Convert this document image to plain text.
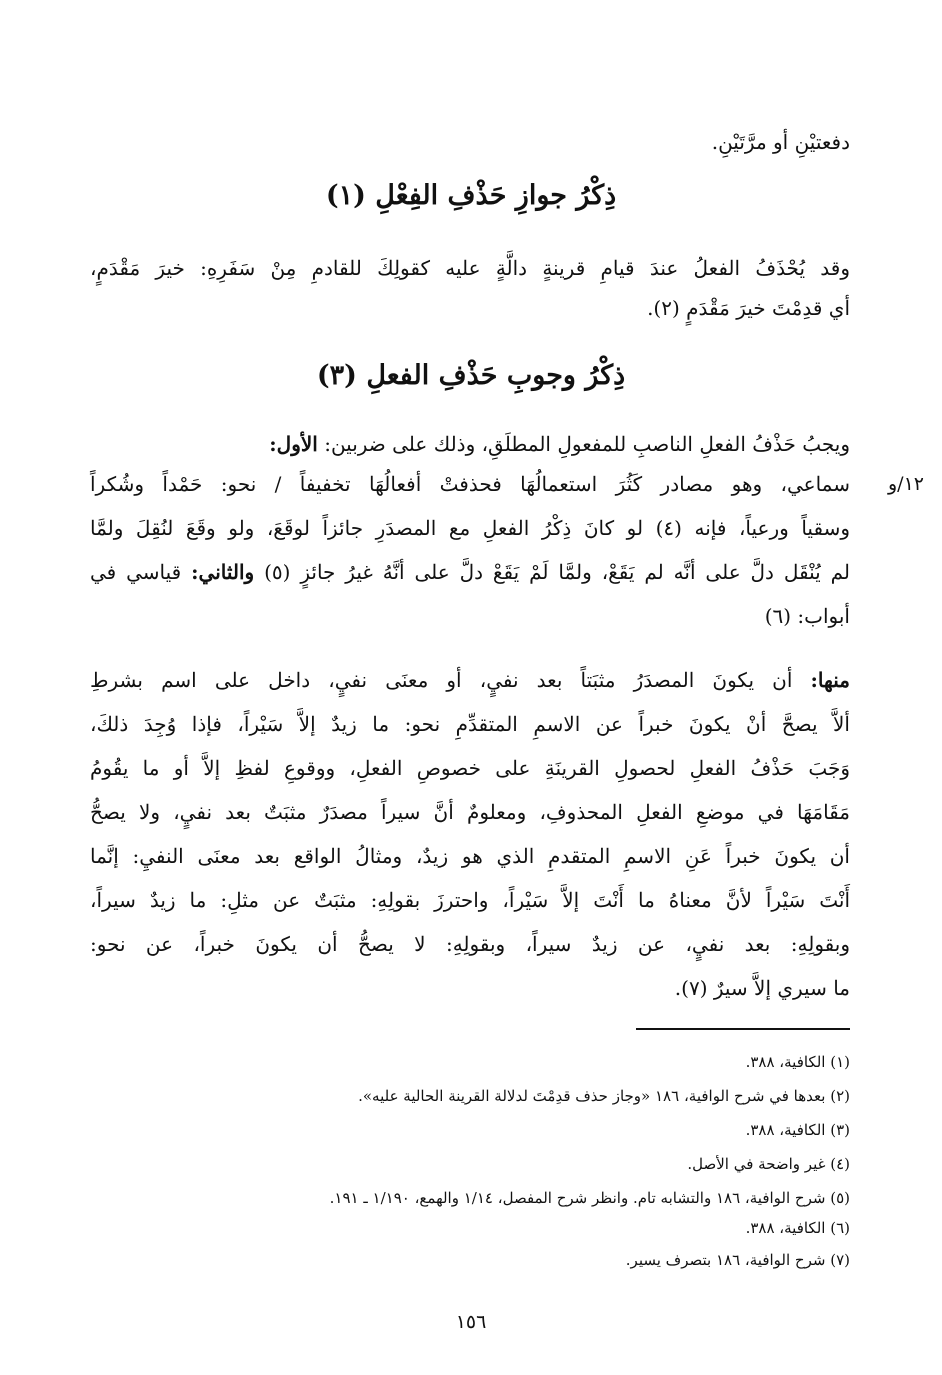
دفعتيْنِ أو مرَّتَيْنِ.
ذِكْرُ جوازِ حَذْفِ الفِعْلِ (١)
وقد يُحْذَفُ الفعلُ عندَ قيامِ قرينةٍ دالَّةٍ عليه كقولِكَ للقادمِ مِنْ سَفَرِهِ: خيرَ مَقْدَمٍ،
أي قدِمْتَ خيرَ مَقْدَمٍ (٢).
ذِكْرُ وجوبِ حَذْفِ الفعلِ (٣)
ويجبُ حَذْفُ الفعلِ الناصبِ للمفعولِ المطلَقِ، وذلك على ضربين: الأول:
١٢/و
سماعي، وهو مصادر كَثُرَ استعمالُهَا فحذفتْ أفعالُهَا تخفيفاً / نحو: حَمْداً وشُكراً
وسقياً ورعياً، فإنه (٤) لو كانَ ذِكْرُ الفعلِ مع المصدَرِ جائزاً لوقَعَ، ولو وقَعَ لنُقِلَ ولمَّا
لم يُنْقَل دلَّ على أنَّه لم يَقَعْ، ولمَّا لَمْ يَقَعْ دلَّ على أنَّهُ غيرُ جائزٍ (٥) والثاني: قياسي في
أبواب: (٦)
منها: أن يكونَ المصدَرُ مثبَتاً بعد نفيٍ، أو معنَى نفيٍ، داخل على اسم بشرطِ
ألاَّ يصحَّ أنْ يكونَ خبراً عن الاسمِ المتقدِّمِ نحو: ما زيدٌ إلاَّ سَيْراً، فإذا وُجِدَ ذلكَ،
وَجَبَ حَذْفُ الفعلِ لحصولِ القرينَةِ على خصوصِ الفعلِ، ووقوعِ لفظِ إلاَّ أو ما يقُومُ
مَقَامَهَا في موضعِ الفعلِ المحذوفِ، ومعلومٌ أنَّ سيراً مصدَرٌ مثبَتٌ بعد نفيٍ، ولا يصحُّ
أن يكونَ خبراً عَنِ الاسمِ المتقدمِ الذي هو زيدٌ، ومثالُ الواقع بعد معنَى النفيِ: إنَّما
أَنْتَ سَيْراً لأنَّ معناهُ ما أَنْتَ إلاَّ سَيْراً، واحترزَ بقولِهِ: مثبَتٌ عن مثلِ: ما زيدٌ سيراً،
وبقولِهِ: بعد نفيٍ، عن زيدٌ سيراً، وبقولِهِ: لا يصحُّ أن يكونَ خبراً، عن نحو:
ما سيري إلاَّ سيرٌ (٧).
(١) الكافية، ٣٨٨.
(٢) بعدها في شرح الوافية، ١٨٦ «وجاز حذف قدِمْتَ لدلالة القرينة الحالية عليه».
(٣) الكافية، ٣٨٨.
(٤) غير واضحة في الأصل.
(٥) شرح الوافية، ١٨٦ والتشابه تام. وانظر شرح المفصل، ١/١٤ والهمع، ١/١٩٠ ـ ١٩١.
(٦) الكافية، ٣٨٨.
(٧) شرح الوافية، ١٨٦ بتصرف يسير.
١٥٦
